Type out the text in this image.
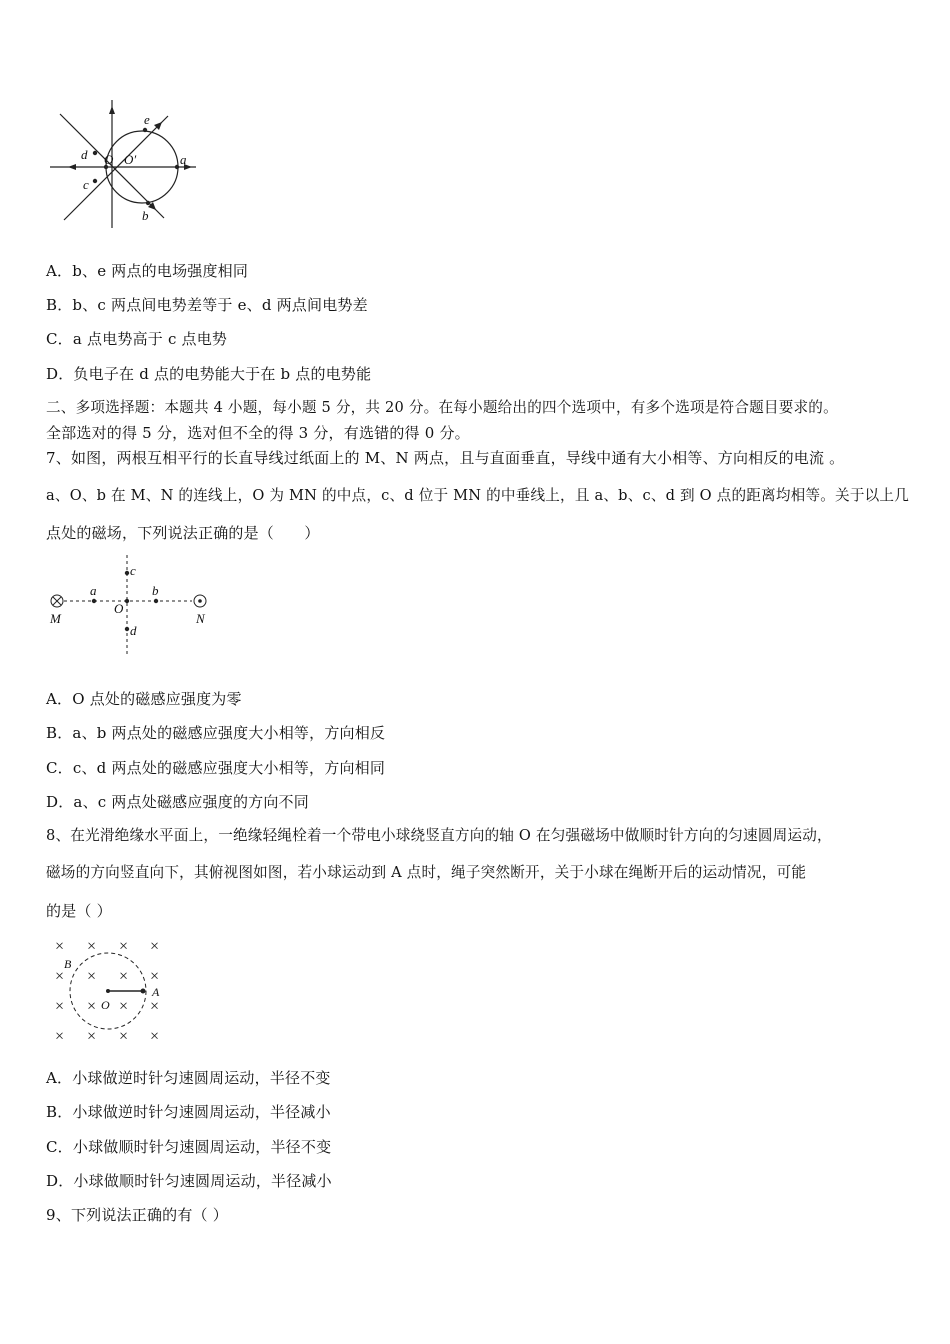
d O O′	a
c
b
e
A．b、e 两点的电场强度相同
B．b、c 两点间电势差等于 e、d 两点间电势差
C．a 点电势高于 c 点电势
D．负电子在 d 点的电势能大于在 b 点的电势能
二、多项选择题：本题共 4 小题，每小题 5 分，共 20 分。在每小题给出的四个选项中，有多个选项是符合题目要求的。
全部选对的得 5 分，选对但不全的得 3 分，有选错的得 0 分。
7、如图，两根互相平行的长直导线过纸面上的 M、N 两点，且与直面垂直，导线中通有大小相等、方向相反的电流 。
a、O、b 在 M、N 的连线上，O 为 MN 的中点，c、d 位于 MN 的中垂线上，且 a、b、c、d 到 O 点的距离均相等。关于以上几
点处的磁场，下列说法正确的是（　　）
M	N
a	b
c
d
O
A．O 点处的磁感应强度为零
B．a、b 两点处的磁感应强度大小相等，方向相反
C．c、d 两点处的磁感应强度大小相等，方向相同
D．a、c 两点处磁感应强度的方向不同
8、在光滑绝缘水平面上，一绝缘轻绳栓着一个带电小球绕竖直方向的轴 O 在匀强磁场中做顺时针方向的匀速圆周运动，
磁场的方向竖直向下，其俯视图如图，若小球运动到 A 点时，绳子突然断开，关于小球在绳断开后的运动情况，可能
的是（ ）
× × × ×
× × × ×
× × × ×
× × × ×
B
A
O
A．小球做逆时针匀速圆周运动，半径不变
B．小球做逆时针匀速圆周运动，半径减小
C．小球做顺时针匀速圆周运动，半径不变
D．小球做顺时针匀速圆周运动，半径减小
9、下列说法正确的有（ ）
